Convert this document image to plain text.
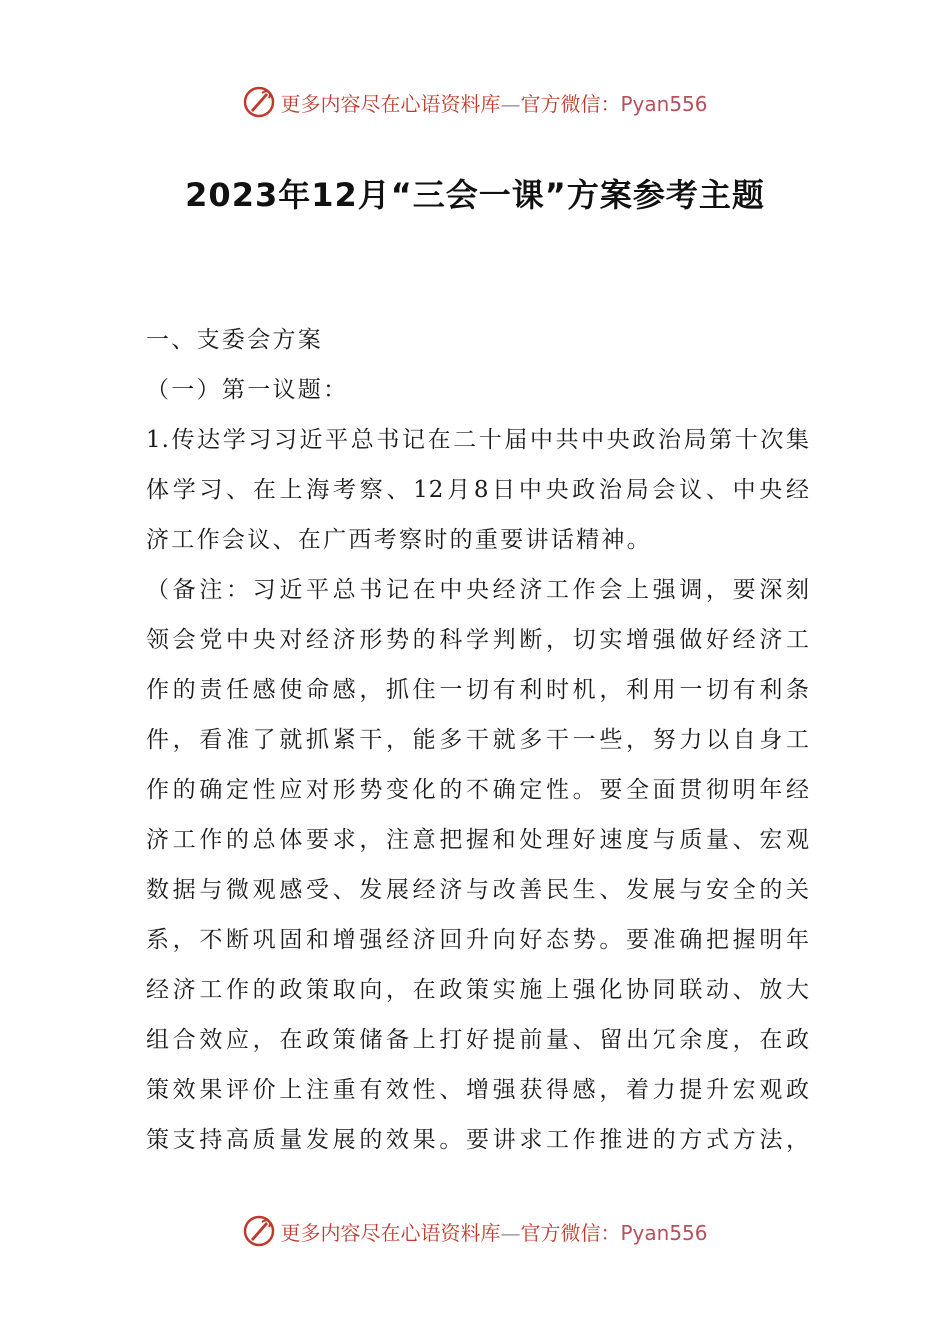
更多内容尽在心语资料库—官方微信：Pyan556
2023年12月“三会一课”方案参考主题
一、支委会方案
（一）第一议题：
1.传达学习习近平总书记在二十届中共中央政治局第十次集
体学习、在上海考察、12月8日中央政治局会议、中央经
济工作会议、在广西考察时的重要讲话精神。
（备注：习近平总书记在中央经济工作会上强调，要深刻
领会党中央对经济形势的科学判断，切实增强做好经济工
作的责任感使命感，抓住一切有利时机，利用一切有利条
件，看准了就抓紧干，能多干就多干一些，努力以自身工
作的确定性应对形势变化的不确定性。要全面贯彻明年经
济工作的总体要求，注意把握和处理好速度与质量、宏观
数据与微观感受、发展经济与改善民生、发展与安全的关
系，不断巩固和增强经济回升向好态势。要准确把握明年
经济工作的政策取向，在政策实施上强化协同联动、放大
组合效应，在政策储备上打好提前量、留出冗余度，在政
策效果评价上注重有效性、增强获得感，着力提升宏观政
策支持高质量发展的效果。要讲求工作推进的方式方法，
更多内容尽在心语资料库—官方微信：Pyan556
